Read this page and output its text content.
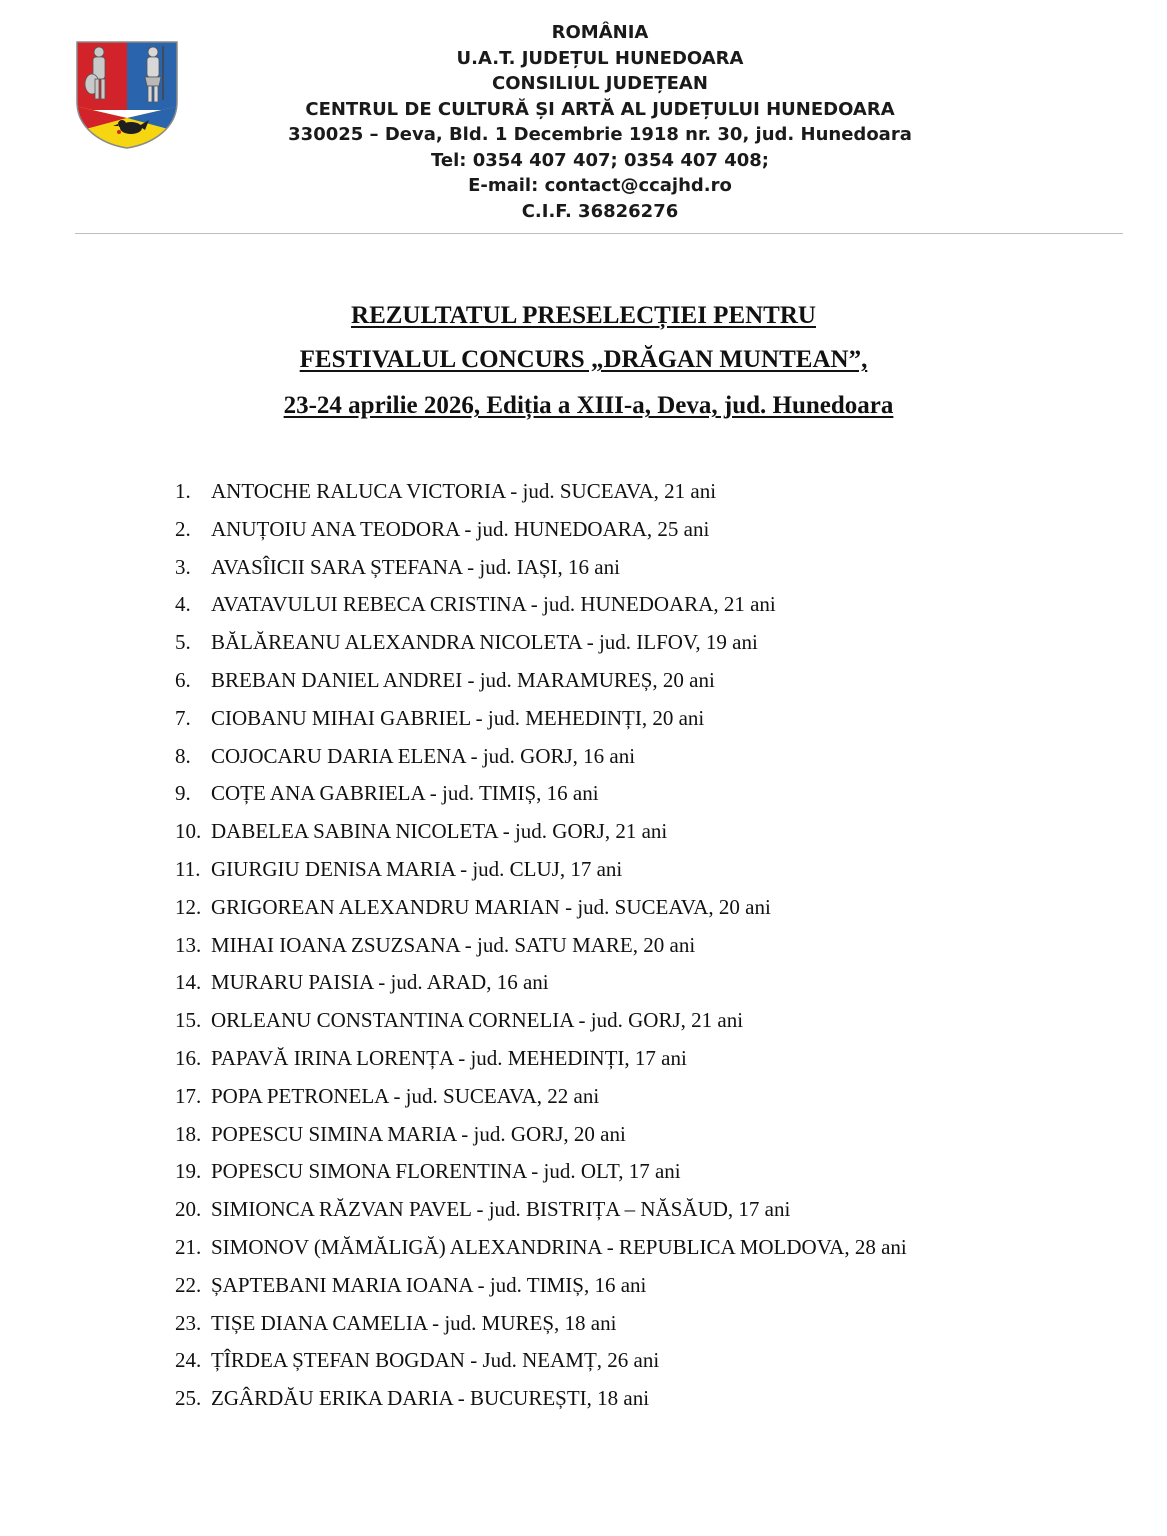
ROMÂNIA
U.A.T. JUDEȚUL HUNEDOARA
CONSILIUL JUDEȚEAN
CENTRUL DE CULTURĂ ȘI ARTĂ AL JUDEȚULUI HUNEDOARA
330025 – Deva, Bld. 1 Decembrie 1918 nr. 30, jud. Hunedoara
Tel: 0354 407 407; 0354 407 408;
E-mail: contact@ccajhd.ro
C.I.F. 36826276
REZULTATUL PRESELECȚIEI PENTRU
FESTIVALUL CONCURS „DRĂGAN MUNTEAN”,
23-24 aprilie 2026, Ediția a XIII-a, Deva, jud. Hunedoara
1. ANTOCHE RALUCA VICTORIA - jud. SUCEAVA, 21 ani
2. ANUȚOIU ANA TEODORA - jud. HUNEDOARA, 25 ani
3. AVASÎICII SARA ȘTEFANA - jud. IAȘI, 16 ani
4. AVATAVULUI REBECA CRISTINA - jud. HUNEDOARA, 21 ani
5. BĂLĂREANU ALEXANDRA NICOLETA - jud. ILFOV, 19 ani
6. BREBAN DANIEL ANDREI - jud. MARAMUREȘ, 20 ani
7. CIOBANU MIHAI GABRIEL - jud. MEHEDINȚI, 20 ani
8. COJOCARU DARIA ELENA - jud. GORJ, 16 ani
9. COȚE ANA GABRIELA - jud. TIMIȘ, 16 ani
10. DABELEA SABINA NICOLETA - jud. GORJ, 21 ani
11. GIURGIU DENISA MARIA - jud. CLUJ, 17 ani
12. GRIGOREAN ALEXANDRU MARIAN - jud. SUCEAVA, 20 ani
13. MIHAI IOANA ZSUZSANA - jud. SATU MARE, 20 ani
14. MURARU PAISIA - jud. ARAD, 16 ani
15. ORLEANU CONSTANTINA CORNELIA - jud. GORJ, 21 ani
16. PAPAVĂ IRINA LORENȚA - jud. MEHEDINȚI, 17 ani
17. POPA PETRONELA - jud. SUCEAVA, 22 ani
18. POPESCU SIMINA MARIA - jud. GORJ, 20 ani
19. POPESCU SIMONA FLORENTINA - jud. OLT, 17 ani
20. SIMIONCA RĂZVAN PAVEL - jud. BISTRIȚA – NĂSĂUD, 17 ani
21. SIMONOV (MĂMĂLIGĂ) ALEXANDRINA - REPUBLICA MOLDOVA, 28 ani
22. ȘAPTEBANI MARIA IOANA - jud. TIMIȘ, 16 ani
23. TIȘE DIANA CAMELIA - jud. MUREȘ, 18 ani
24. ȚÎRDEA ȘTEFAN BOGDAN - Jud. NEAMȚ, 26 ani
25. ZGÂRDĂU ERIKA DARIA - BUCUREȘTI, 18 ani
